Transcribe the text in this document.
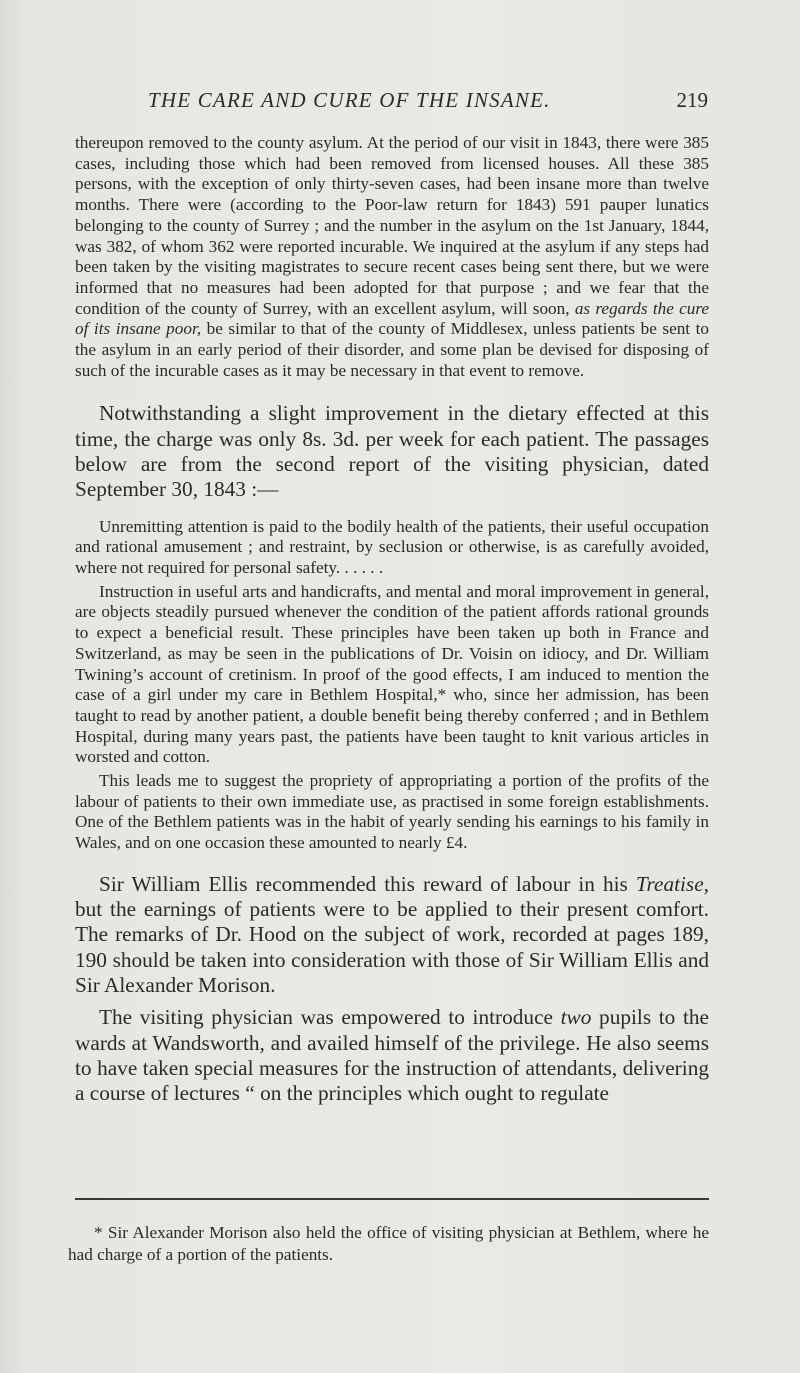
THE CARE AND CURE OF THE INSANE.	219

thereupon removed to the county asylum. At the period of our visit in 1843, there were 385 cases, including those which had been removed from licensed houses. All these 385 persons, with the exception of only thirty-seven cases, had been insane more than twelve months. There were (according to the Poor-law return for 1843) 591 pauper lunatics belonging to the county of Surrey ; and the number in the asylum on the 1st January, 1844, was 382, of whom 362 were reported incurable. We inquired at the asylum if any steps had been taken by the visiting magistrates to secure recent cases being sent there, but we were informed that no measures had been adopted for that purpose ; and we fear that the condition of the county of Surrey, with an excellent asylum, will soon, as regards the cure of its insane poor, be similar to that of the county of Middlesex, unless patients be sent to the asylum in an early period of their disorder, and some plan be devised for disposing of such of the incurable cases as it may be necessary in that event to remove.

Notwithstanding a slight improvement in the dietary effected at this time, the charge was only 8s. 3d. per week for each patient. The passages below are from the second report of the visiting physician, dated September 30, 1843 :—

Unremitting attention is paid to the bodily health of the patients, their useful occupation and rational amusement ; and restraint, by seclusion or otherwise, is as carefully avoided, where not required for personal safety. . . . . .

Instruction in useful arts and handicrafts, and mental and moral improvement in general, are objects steadily pursued whenever the condition of the patient affords rational grounds to expect a beneficial result. These principles have been taken up both in France and Switzerland, as may be seen in the publications of Dr. Voisin on idiocy, and Dr. William Twining’s account of cretinism. In proof of the good effects, I am induced to mention the case of a girl under my care in Bethlem Hospital,* who, since her admission, has been taught to read by another patient, a double benefit being thereby conferred ; and in Bethlem Hospital, during many years past, the patients have been taught to knit various articles in worsted and cotton.

This leads me to suggest the propriety of appropriating a portion of the profits of the labour of patients to their own immediate use, as practised in some foreign establishments. One of the Bethlem patients was in the habit of yearly sending his earnings to his family in Wales, and on one occasion these amounted to nearly £4.

Sir William Ellis recommended this reward of labour in his Treatise, but the earnings of patients were to be applied to their present comfort. The remarks of Dr. Hood on the subject of work, recorded at pages 189, 190 should be taken into consideration with those of Sir William Ellis and Sir Alexander Morison.

The visiting physician was empowered to introduce two pupils to the wards at Wandsworth, and availed himself of the privilege. He also seems to have taken special measures for the instruction of attendants, delivering a course of lectures “ on the principles which ought to regulate

* Sir Alexander Morison also held the office of visiting physician at Bethlem, where he had charge of a portion of the patients.
